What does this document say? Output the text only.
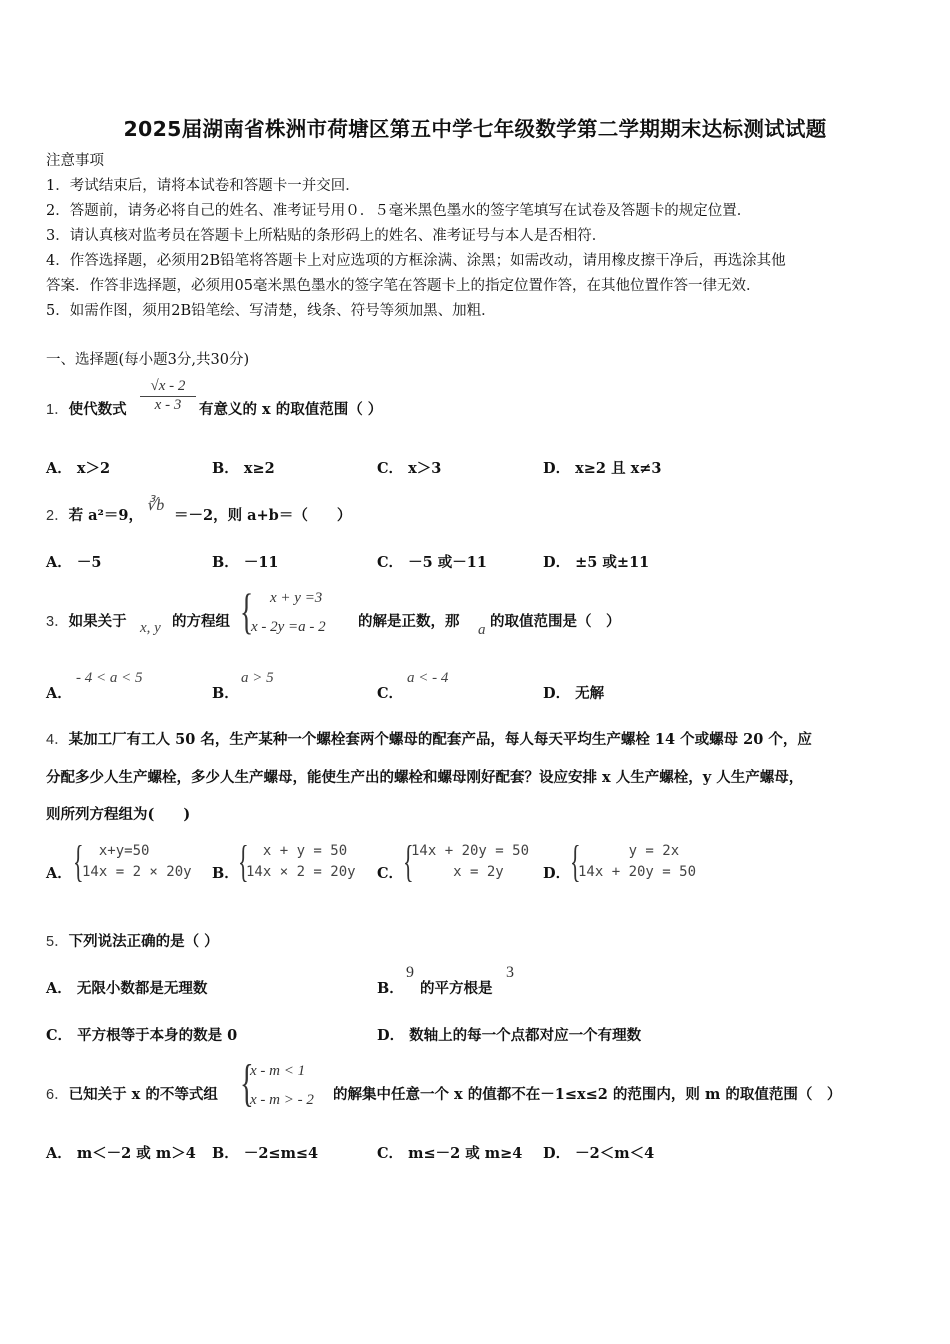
2025届湖南省株洲市荷塘区第五中学七年级数学第二学期期末达标测试试题
注意事项
1．考试结束后，请将本试卷和答题卡一并交回．
2．答题前，请务必将自己的姓名、准考证号用０．５毫米黑色墨水的签字笔填写在试卷及答题卡的规定位置．
3．请认真核对监考员在答题卡上所粘贴的条形码上的姓名、准考证号与本人是否相符．
4．作答选择题，必须用2B铅笔将答题卡上对应选项的方框涂满、涂黑；如需改动，请用橡皮擦干净后，再选涂其他
答案．作答非选择题，必须用05毫米黑色墨水的签字笔在答题卡上的指定位置作答，在其他位置作答一律无效．
5．如需作图，须用2B铅笔绘、写清楚，线条、符号等须加黑、加粗．
一、选择题(每小题3分,共30分)
1．使代数式 $\frac{√x - 2}{x - 3}$ 有意义的 x 的取值范围（ ）
A． x＞2	B． x≥2	C． x＞3	D． x≥2 且 x≠3
2．若 a²＝9，
∛b
＝－2，则 a+b＝（　　）
A． －5	B． －11	C． －5 或－11	D． ±5 或±11
3．如果关于 x, y 的方程组 { x + y =3
x - 2y =a - 2 的解是正数，那 a 的取值范围是（　）
A．
- 4 < a < 5
B．
a > 5
C．
a < - 4
D． 无解
4．某加工厂有工人 50 名，生产某种一个螺栓套两个螺母的配套产品，每人每天平均生产螺栓 14 个或螺母 20 个，应
分配多少人生产螺栓，多少人生产螺母，能使生产出的螺栓和螺母刚好配套？设应安排 x 人生产螺栓，y 人生产螺母，
则所列方程组为(　　)
A． {
x+y=50
14x = 2 × 20y B． {
x + y = 50
14x × 2 = 20y C． {
14x + 20y = 50
x = 2y	D． {
y = 2x
14x + 20y = 50
5．下列说法正确的是（ ）
A． 无限小数都是无理数	B．
9
的平方根是
3
C． 平方根等于本身的数是 0	D． 数轴上的每一个点都对应一个有理数
6．已知关于 x 的不等式组 {
x - m < 1
x - m > - 2 的解集中任意一个 x 的值都不在－1≤x≤2 的范围内，则 m 的取值范围（　）
A． m＜－2 或 m＞4 B． －2≤m≤4	C． m≤－2 或 m≥4 D． －2＜m＜4
